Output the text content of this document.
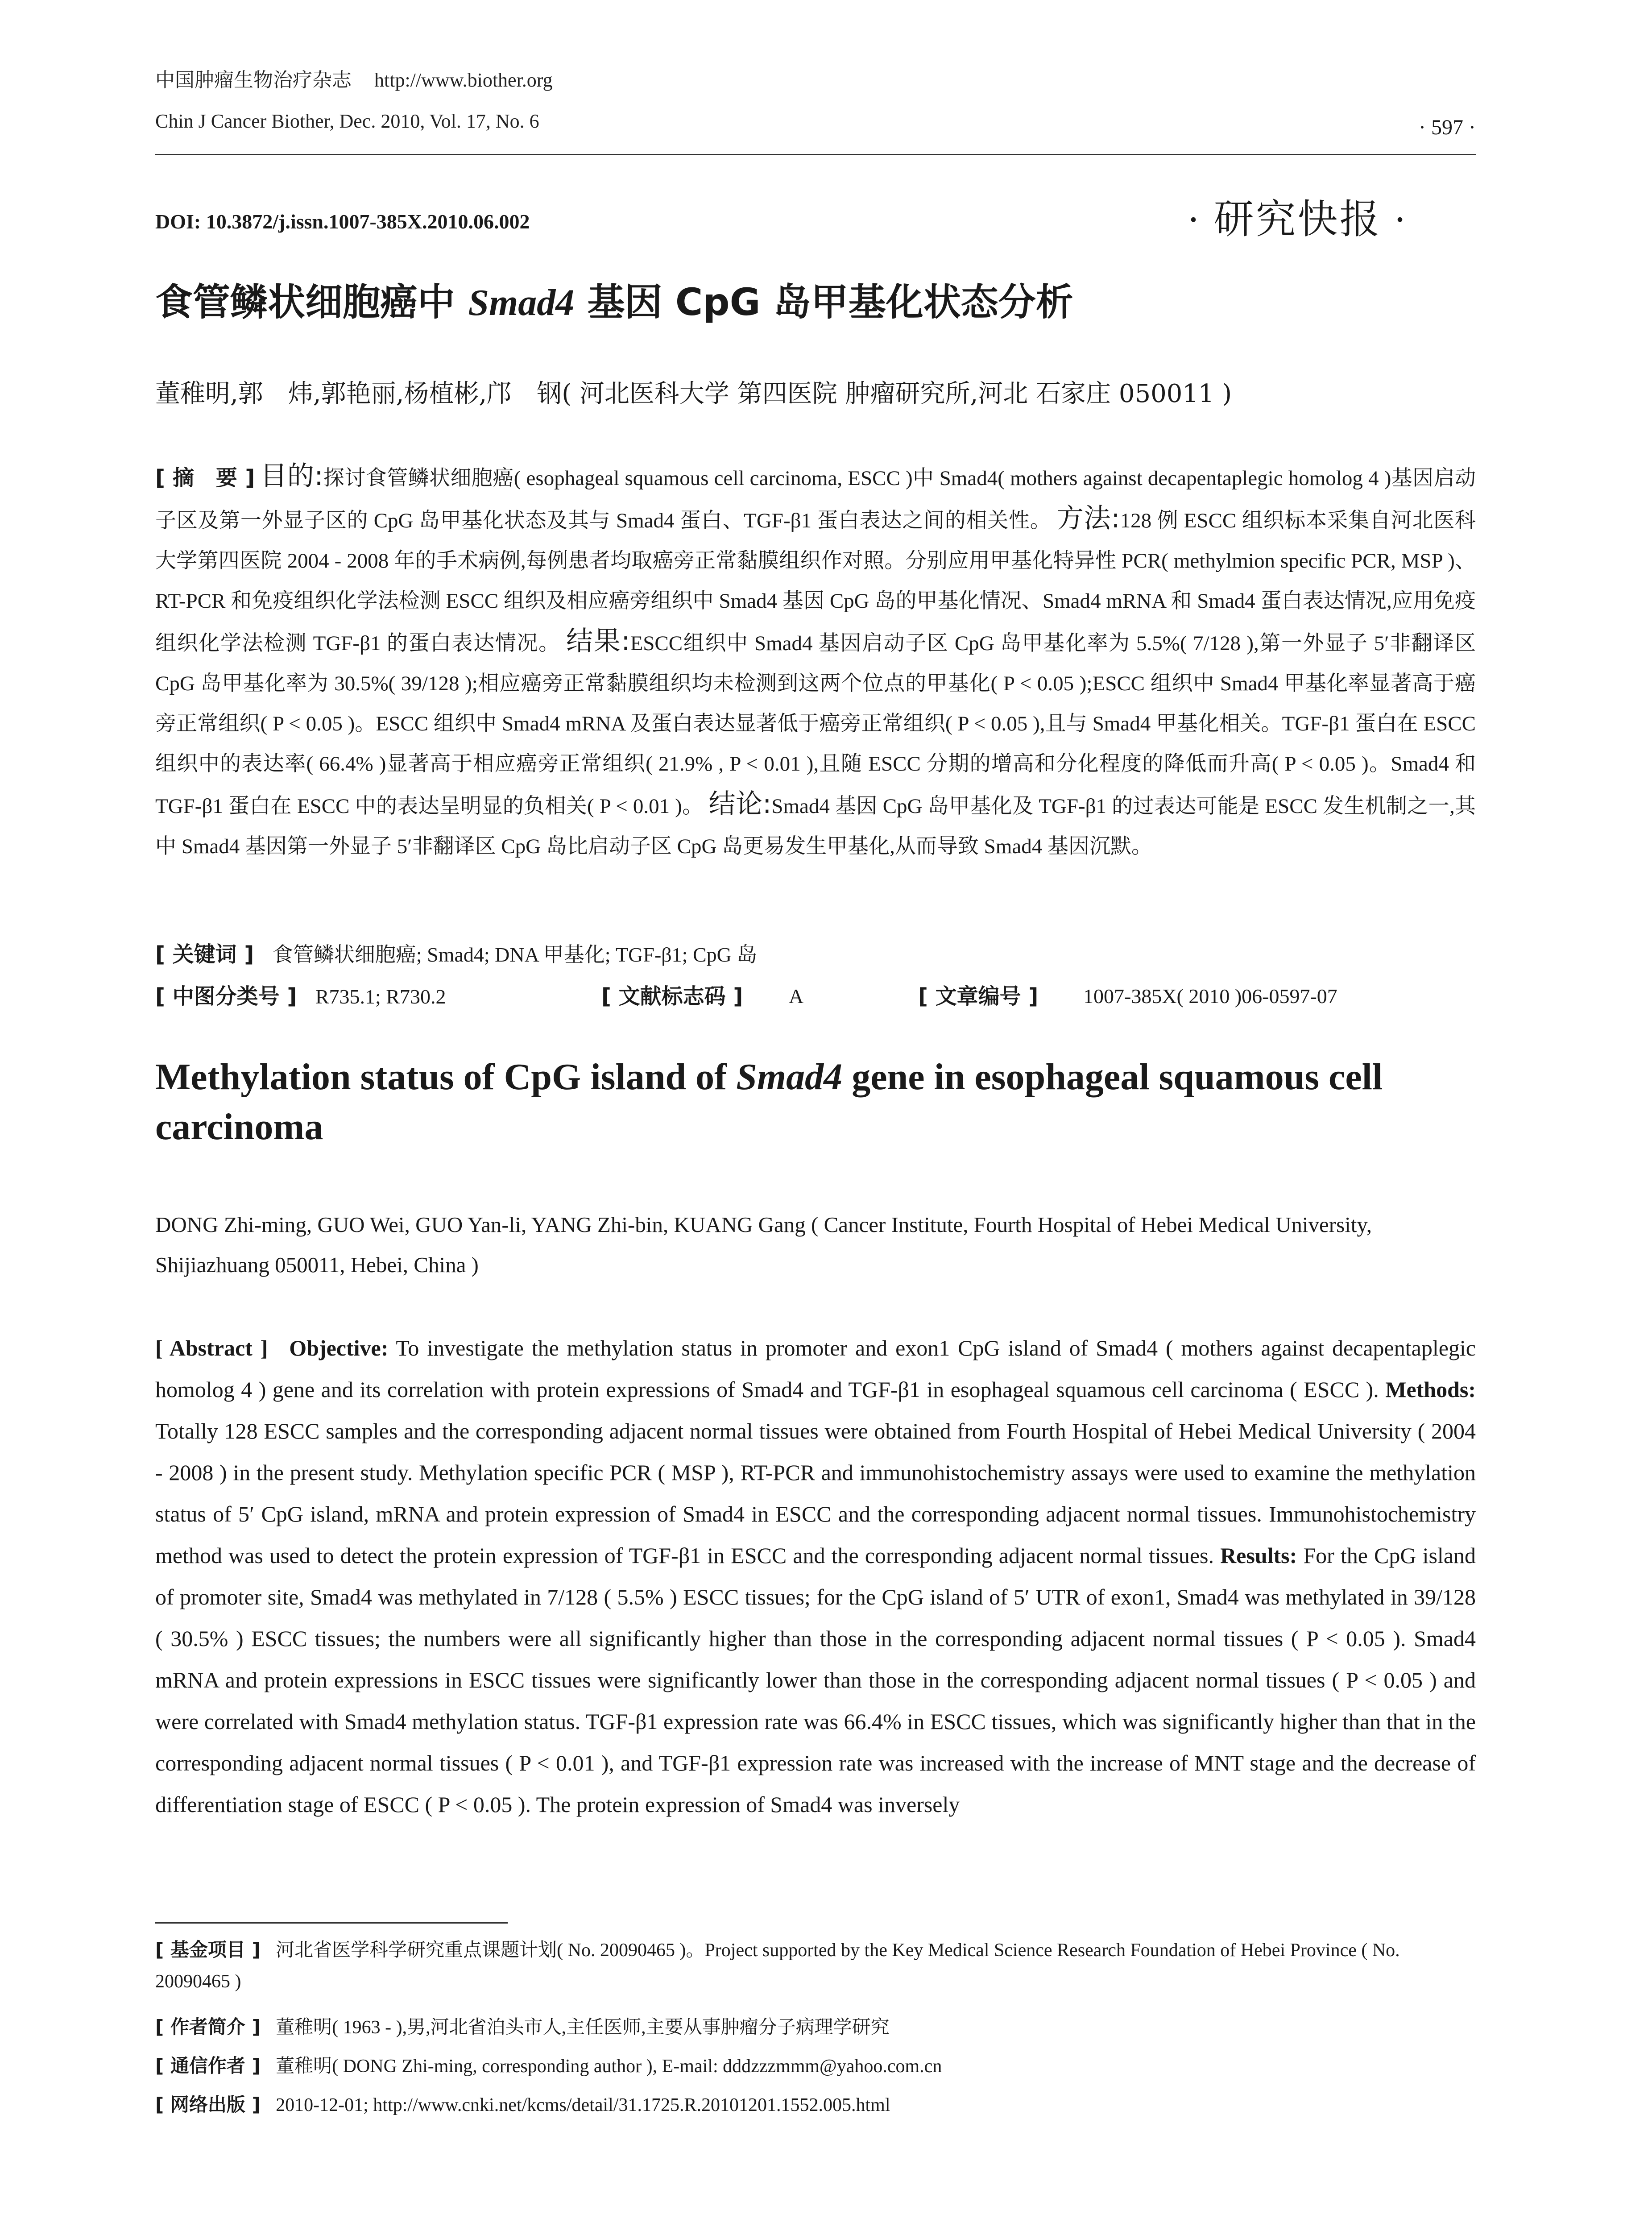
中国肿瘤生物治疗杂志 http://www.biother.org
Chin J Cancer Biother, Dec. 2010, Vol. 17, No. 6	· 597 ·
DOI: 10.3872/j.issn.1007-385X.2010.06.002	· 研究快报 ·
食管鳞状细胞癌中 Smad4 基因 CpG 岛甲基化状态分析
董稚明,郭　炜,郭艳丽,杨植彬,邝　钢( 河北医科大学 第四医院 肿瘤研究所,河北 石家庄 050011 )
[ 摘　要 ] 目的:探讨食管鳞状细胞癌( esophageal squamous cell carcinoma, ESCC )中 Smad4( mothers against decapentaplegic homolog 4 )基因启动子区及第一外显子区的 CpG 岛甲基化状态及其与 Smad4 蛋白、TGF-β1 蛋白表达之间的相关性。 方法:128 例 ESCC 组织标本采集自河北医科大学第四医院 2004 - 2008 年的手术病例,每例患者均取癌旁正常黏膜组织作对照。分别应用甲基化特异性 PCR( methylmion specific PCR, MSP )、RT-PCR 和免疫组织化学法检测 ESCC 组织及相应癌旁组织中 Smad4 基因 CpG 岛的甲基化情况、Smad4 mRNA 和 Smad4 蛋白表达情况,应用免疫组织化学法检测 TGF-β1 的蛋白表达情况。 结果:ESCC组织中 Smad4 基因启动子区 CpG 岛甲基化率为 5.5%( 7/128 ),第一外显子 5′非翻译区 CpG 岛甲基化率为 30.5%( 39/128 );相应癌旁正常黏膜组织均未检测到这两个位点的甲基化( P < 0.05 );ESCC 组织中 Smad4 甲基化率显著高于癌旁正常组织( P < 0.05 )。ESCC 组织中 Smad4 mRNA 及蛋白表达显著低于癌旁正常组织( P < 0.05 ),且与 Smad4 甲基化相关。TGF-β1 蛋白在 ESCC 组织中的表达率( 66.4% )显著高于相应癌旁正常组织( 21.9% , P < 0.01 ),且随 ESCC 分期的增高和分化程度的降低而升高( P < 0.05 )。Smad4 和 TGF-β1 蛋白在 ESCC 中的表达呈明显的负相关( P < 0.01 )。 结论:Smad4 基因 CpG 岛甲基化及 TGF-β1 的过表达可能是 ESCC 发生机制之一,其中 Smad4 基因第一外显子 5′非翻译区 CpG 岛比启动子区 CpG 岛更易发生甲基化,从而导致 Smad4 基因沉默。
[ 关键词 ] 食管鳞状细胞癌; Smad4; DNA 甲基化; TGF-β1; CpG 岛
[ 中图分类号 ] R735.1; R730.2	[ 文献标志码 ] A	[ 文章编号 ] 1007-385X( 2010 )06-0597-07
Methylation status of CpG island of Smad4 gene in esophageal squamous cell carcinoma
DONG Zhi-ming, GUO Wei, GUO Yan-li, YANG Zhi-bin, KUANG Gang ( Cancer Institute, Fourth Hospital of Hebei Medical University, Shijiazhuang 050011, Hebei, China )
[ Abstract ] Objective: To investigate the methylation status in promoter and exon1 CpG island of Smad4 ( mothers against decapentaplegic homolog 4 ) gene and its correlation with protein expressions of Smad4 and TGF-β1 in esophageal squamous cell carcinoma ( ESCC ). Methods: Totally 128 ESCC samples and the corresponding adjacent normal tissues were obtained from Fourth Hospital of Hebei Medical University ( 2004 - 2008 ) in the present study. Methylation specific PCR ( MSP ), RT-PCR and immunohistochemistry assays were used to examine the methylation status of 5′ CpG island, mRNA and protein expression of Smad4 in ESCC and the corresponding adjacent normal tissues. Immunohistochemistry method was used to detect the protein expression of TGF-β1 in ESCC and the corresponding adjacent normal tissues. Results: For the CpG island of promoter site, Smad4 was methylated in 7/128 ( 5.5% ) ESCC tissues; for the CpG island of 5′ UTR of exon1, Smad4 was methylated in 39/128 ( 30.5% ) ESCC tissues; the numbers were all significantly higher than those in the corresponding adjacent normal tissues ( P < 0.05 ). Smad4 mRNA and protein expressions in ESCC tissues were significantly lower than those in the corresponding adjacent normal tissues ( P < 0.05 ) and were correlated with Smad4 methylation status. TGF-β1 expression rate was 66.4% in ESCC tissues, which was significantly higher than that in the corresponding adjacent normal tissues ( P < 0.01 ), and TGF-β1 expression rate was increased with the increase of MNT stage and the decrease of differentiation stage of ESCC ( P < 0.05 ). The protein expression of Smad4 was inversely
[ 基金项目 ] 河北省医学科学研究重点课题计划( No. 20090465 )。Project supported by the Key Medical Science Research Foundation of Hebei Province ( No. 20090465 )
[ 作者简介 ] 董稚明( 1963 - ),男,河北省泊头市人,主任医师,主要从事肿瘤分子病理学研究
[ 通信作者 ] 董稚明( DONG Zhi-ming, corresponding author ), E-mail: dddzzzmmm@yahoo.com.cn
[ 网络出版 ] 2010-12-01; http://www.cnki.net/kcms/detail/31.1725.R.20101201.1552.005.html
